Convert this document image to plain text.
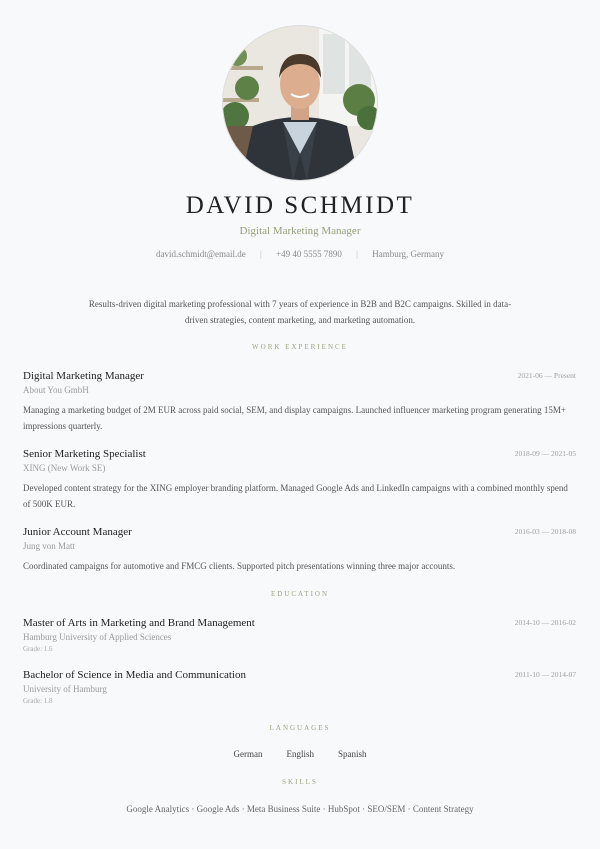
DAVID SCHMIDT
Digital Marketing Manager
david.schmidt@email.de | +49 40 5555 7890 | Hamburg, Germany
Results-driven digital marketing professional with 7 years of experience in B2B and B2C campaigns. Skilled in data-driven strategies, content marketing, and marketing automation.
WORK EXPERIENCE
Digital Marketing Manager	2021-06 — Present
About You GmbH
Managing a marketing budget of 2M EUR across paid social, SEM, and display campaigns. Launched influencer marketing program generating 15M+ impressions quarterly.
Senior Marketing Specialist	2018-09 — 2021-05
XING (New Work SE)
Developed content strategy for the XING employer branding platform. Managed Google Ads and LinkedIn campaigns with a combined monthly spend of 500K EUR.
Junior Account Manager	2016-03 — 2018-08
Jung von Matt
Coordinated campaigns for automotive and FMCG clients. Supported pitch presentations winning three major accounts.
EDUCATION
Master of Arts in Marketing and Brand Management	2014-10 — 2016-02
Hamburg University of Applied Sciences
Grade: 1.6
Bachelor of Science in Media and Communication	2011-10 — 2014-07
University of Hamburg
Grade: 1.8
LANGUAGES
German	English	Spanish
SKILLS
Google Analytics · Google Ads · Meta Business Suite · HubSpot · SEO/SEM · Content Strategy
